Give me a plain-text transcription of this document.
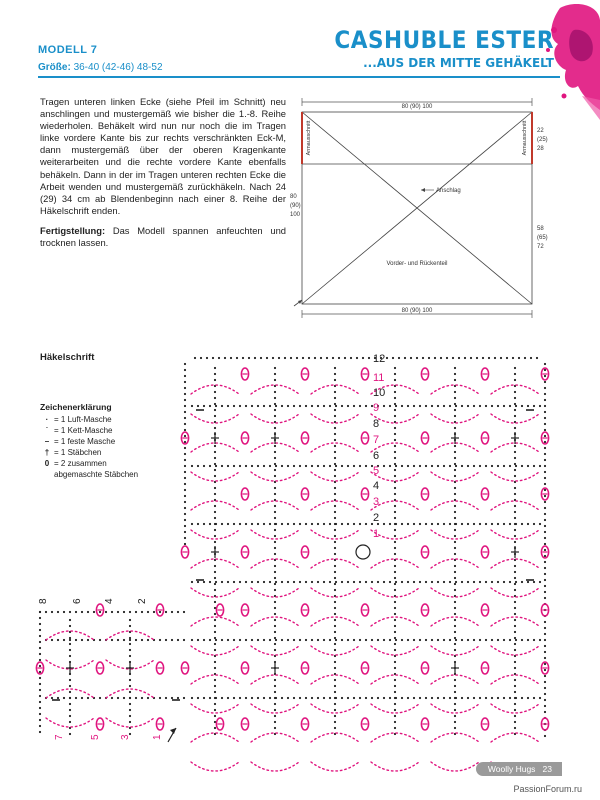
MODELL 7
Größe: 36-40 (42-46) 48-52
CASHUBLE ESTER
...AUS DER MITTE GEHÄKELT

Tragen unteren linken Ecke (siehe Pfeil im Schnitt) neu anschlingen und mustergemäß wie bisher die 1.-8. Reihe wiederholen. Behäkelt wird nun nur noch die im Tragen linke vordere Kante bis zur rechts verschränkten Eck-M, dann mustergemäß über der oberen Kragenkante weiterarbeiten und die rechte vordere Kante ebenfalls behäkeln. Dann in der im Tragen unteren rechten Ecke die Arbeit wenden und mustergemäß zurückhäkeln. Nach 24 (29) 34 cm ab Blendenbeginn nach einer 8. Reihe der Häkelschrift enden.

Fertigstellung: Das Modell spannen anfeuchten und trocknen lassen.

80 (90) 100
Armausschnitt	Armausschnitt 22
(25)
28
80
(90)
100
58
(65)
72
Anschlag
Vorder- und Rückenteil
80 (90) 100
Häkelschrift
Zeichenerklärung
· = 1 Luft-Masche
˙ = 1 Kett-Masche
– = 1 feste Masche
† = 1 Stäbchen
0 = 2 zusammen
abgemaschte Stäbchen
12
11
10
9
8
7
6
5
4
3
2
1
8 6 4 2
7	5 3 1
Woolly Hugs 23
PassionForum.ru
